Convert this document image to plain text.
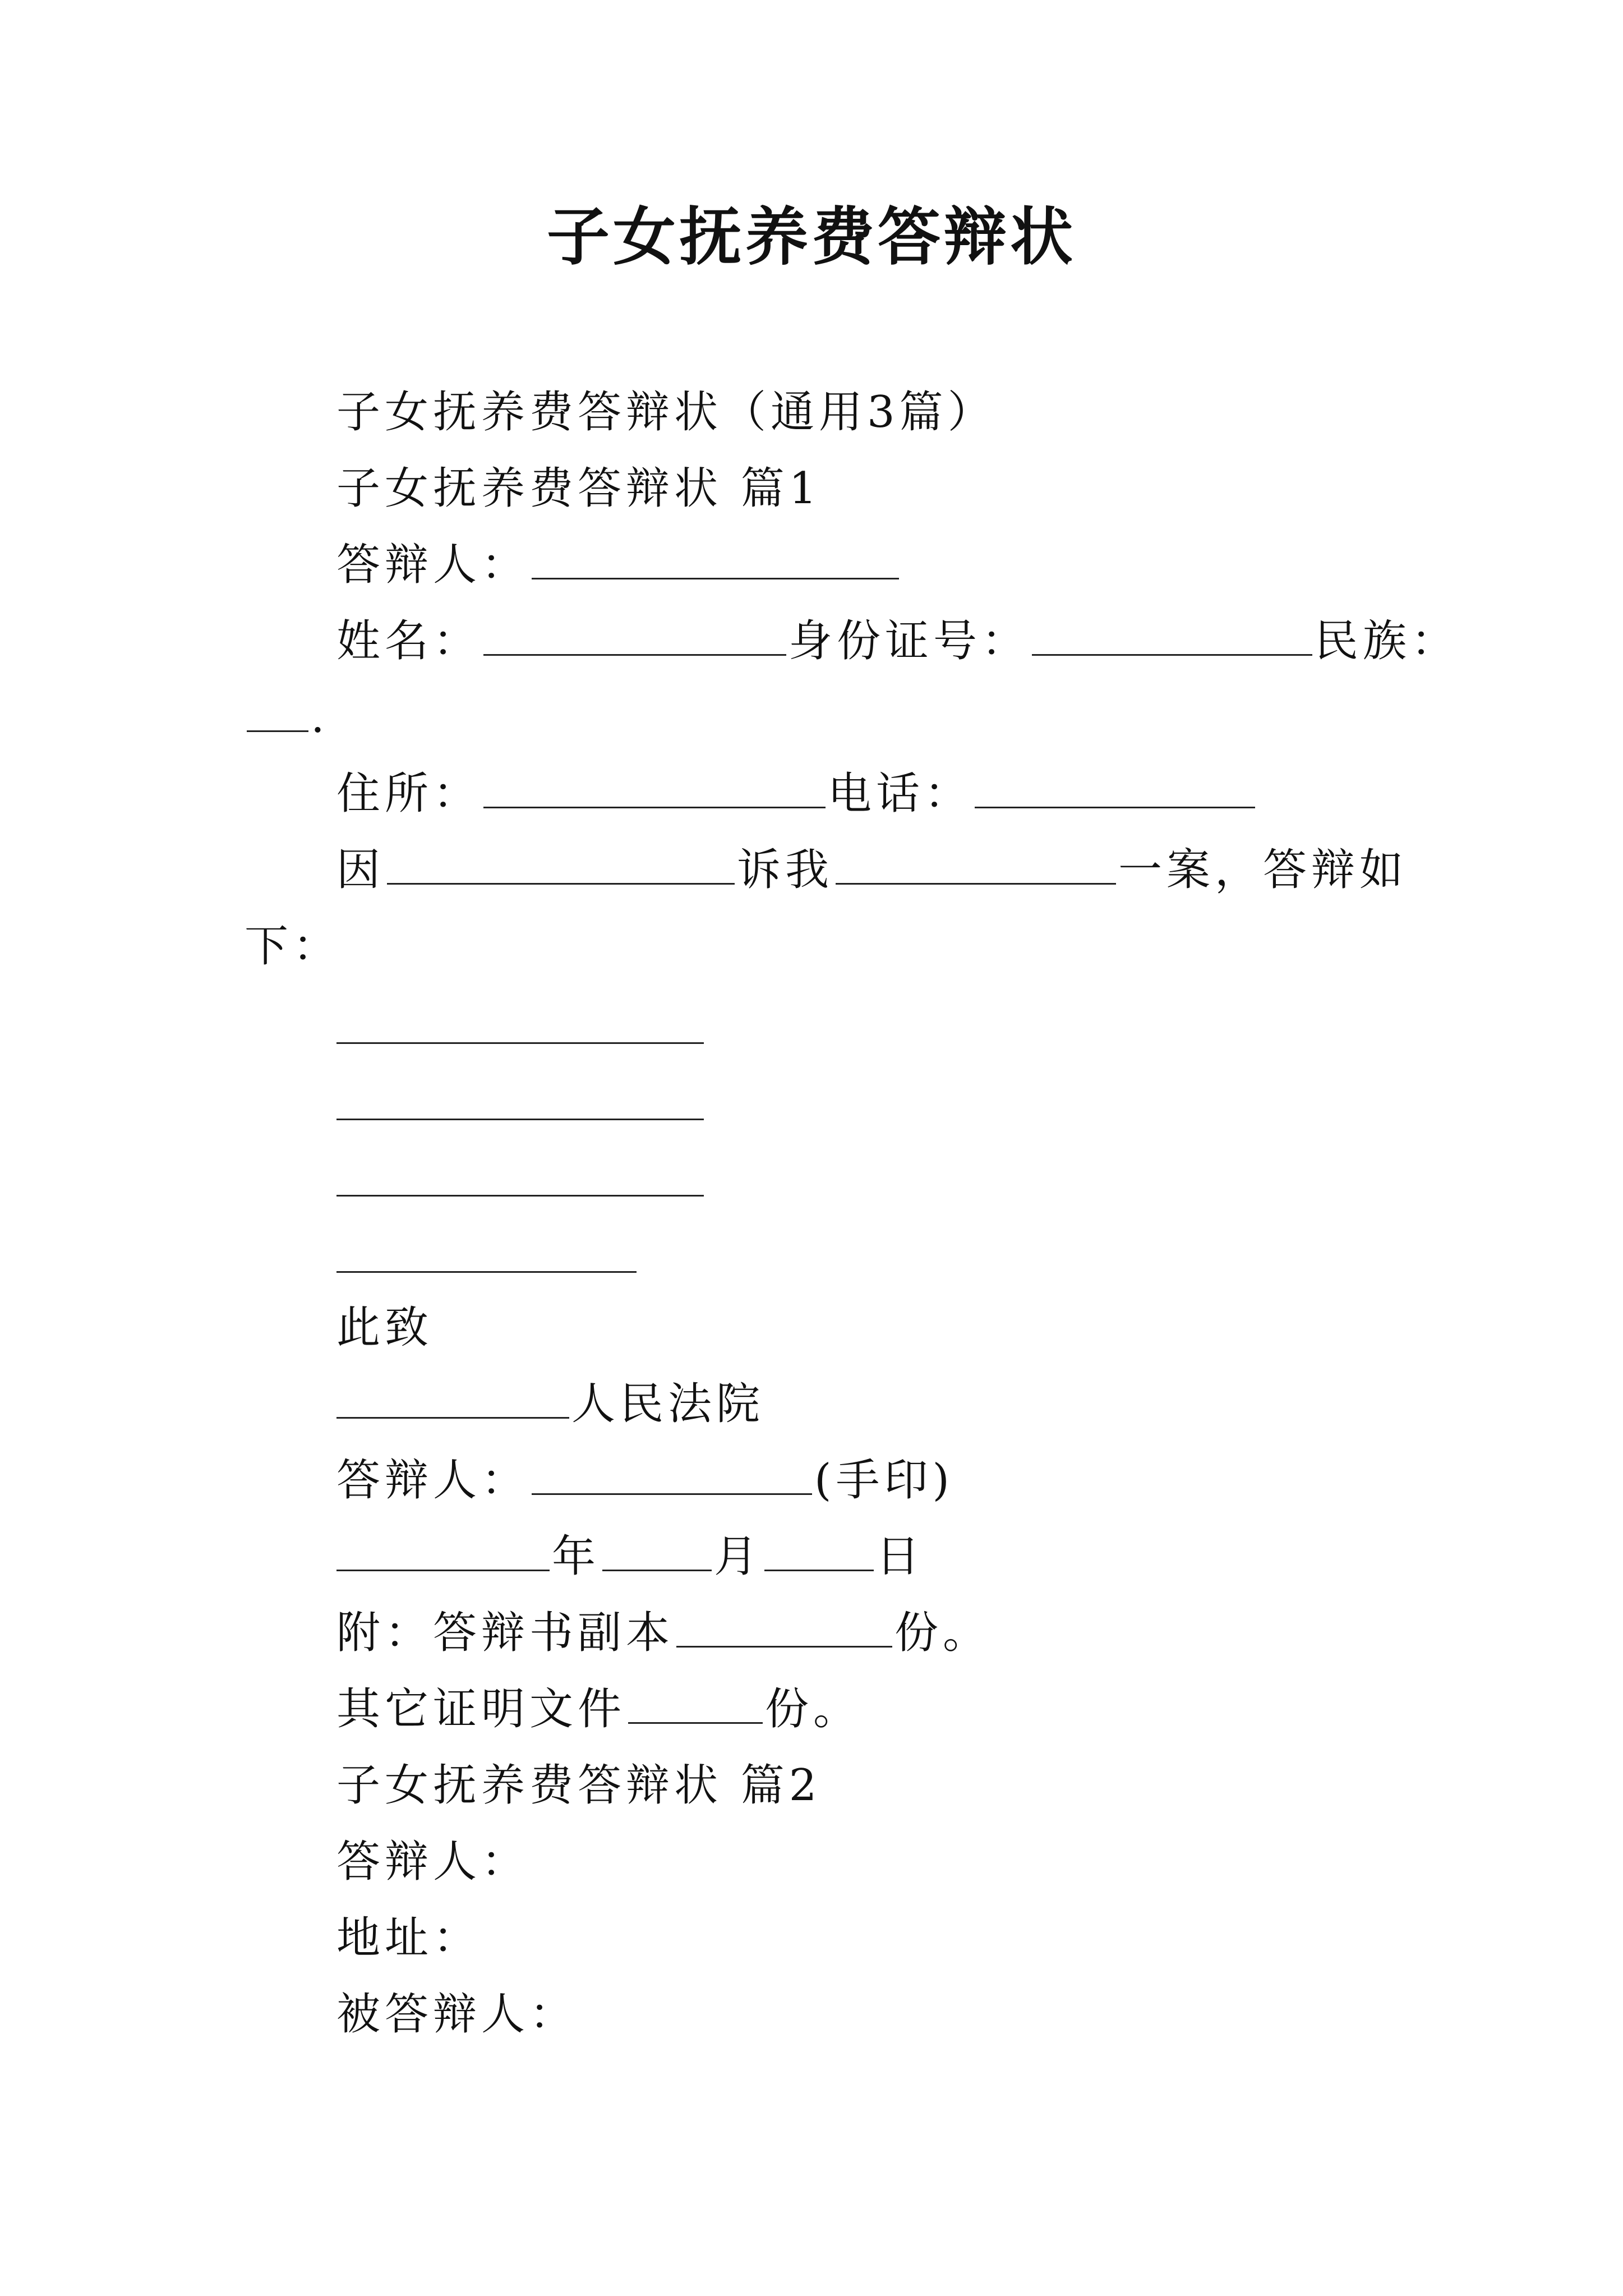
子女抚养费答辩状
子女抚养费答辩状（通用3篇）
子女抚养费答辩状 篇1
答辩人：
姓名：	身份证号：	民族：
.
住所：	电话：
因	诉我	一案，答辩如
下：
此致
人民法院
答辩人：	(手印)
年	月	日
附：答辩书副本	份。
其它证明文件	份。
子女抚养费答辩状 篇2
答辩人：
地址：
被答辩人：
